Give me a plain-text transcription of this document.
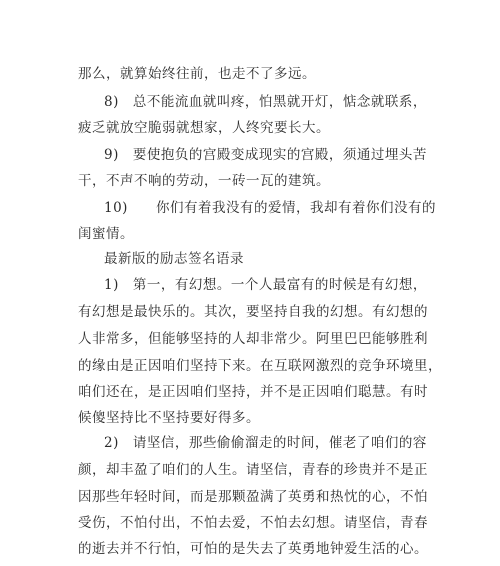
那么，就算始终往前，也走不了多远。
8)　总不能流血就叫疼，怕黑就开灯，惦念就联系，
疲乏就放空脆弱就想家，人终究要长大。
9)　要使抱负的宫殿变成现实的宫殿，须通过埋头苦
干，不声不响的劳动，一砖一瓦的建筑。
10)　　你们有着我没有的爱情，我却有着你们没有的
闺蜜情。
最新版的励志签名语录
1)　第一，有幻想。一个人最富有的时候是有幻想，
有幻想是最快乐的。其次，要坚持自我的幻想。有幻想的
人非常多，但能够坚持的人却非常少。阿里巴巴能够胜利
的缘由是正因咱们坚持下来。在互联网激烈的竞争环境里，
咱们还在，是正因咱们坚持，并不是正因咱们聪慧。有时
候傻坚持比不坚持要好得多。
2)　请坚信，那些偷偷溜走的时间，催老了咱们的容
颜，却丰盈了咱们的人生。请坚信，青春的珍贵并不是正
因那些年轻时间，而是那颗盈满了英勇和热忱的心，不怕
受伤，不怕付出，不怕去爱，不怕去幻想。请坚信，青春
的逝去并不行怕，可怕的是失去了英勇地钟爱生活的心。
